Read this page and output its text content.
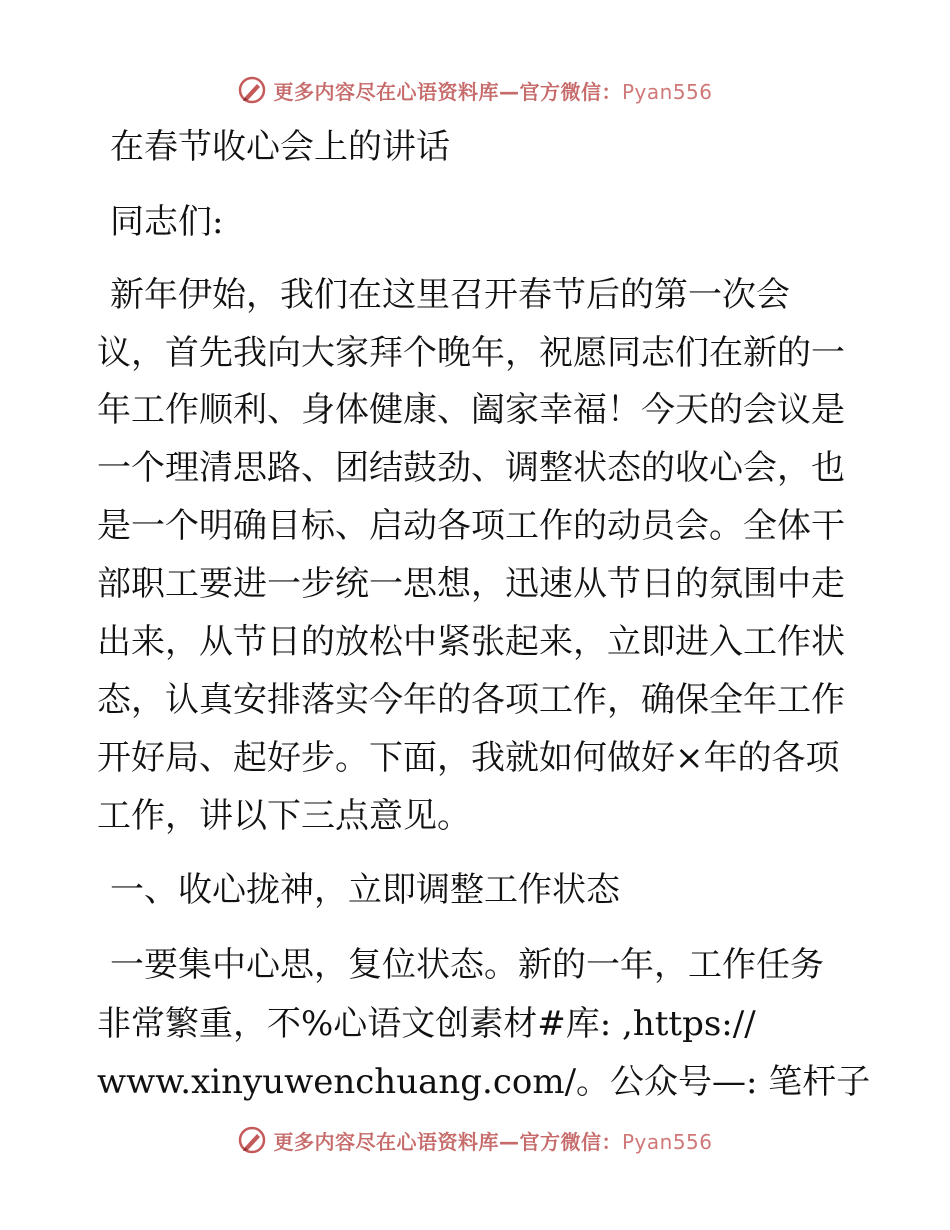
更多内容尽在心语资料库—官方微信：Pyan556
在春节收心会上的讲话
同志们:
新年伊始，我们在这里召开春节后的第一次会
议，首先我向大家拜个晚年，祝愿同志们在新的一
年工作顺利、身体健康、阖家幸福！今天的会议是
一个理清思路、团结鼓劲、调整状态的收心会，也
是一个明确目标、启动各项工作的动员会。全体干
部职工要进一步统一思想，迅速从节日的氛围中走
出来，从节日的放松中紧张起来，立即进入工作状
态，认真安排落实今年的各项工作，确保全年工作
开好局、起好步。下面，我就如何做好×年的各项
工作，讲以下三点意见。
一、收心拢神，立即调整工作状态
一要集中心思，复位状态。新的一年，工作任务
非常繁重，不%心语文创素材#库: ,https://
www.xinyuwenchuang.com/。公众号—: 笔杆子
更多内容尽在心语资料库—官方微信：Pyan556
